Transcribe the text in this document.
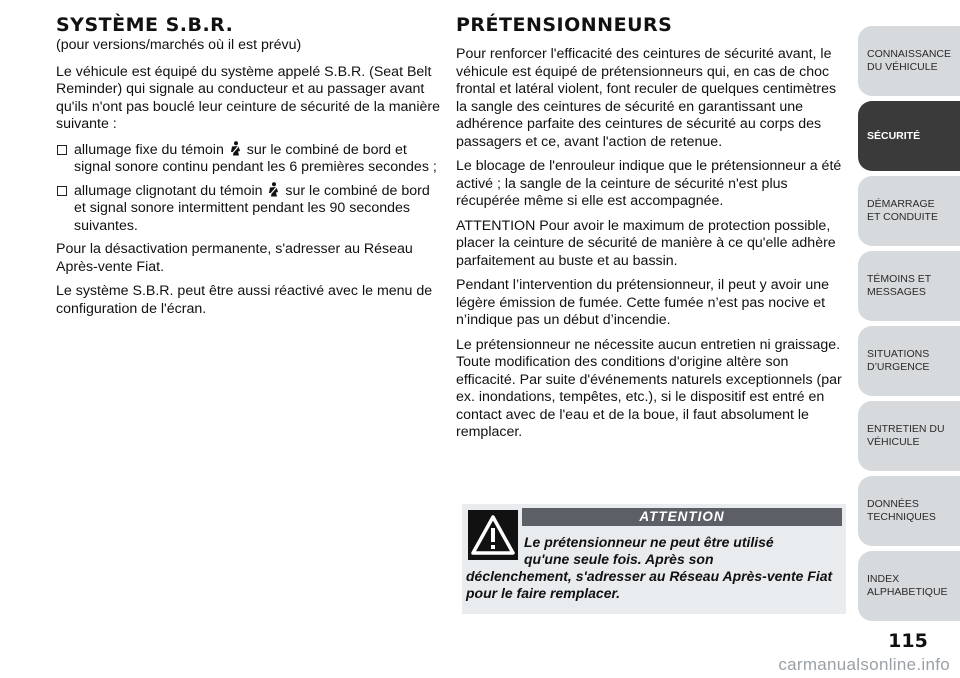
SYSTÈME S.B.R.

(pour versions/marchés où il est prévu)

Le véhicule est équipé du système appelé S.B.R. (Seat Belt Reminder) qui signale au conducteur et au passager avant qu'ils n'ont pas bouclé leur ceinture de sécurité de la manière suivante :

allumage fixe du témoin sur le combiné de bord et signal sonore continu pendant les 6 premières secondes ;
allumage clignotant du témoin sur le combiné de bord et signal sonore intermittent pendant les 90 secondes suivantes.

Pour la désactivation permanente, s'adresser au Réseau Après-vente Fiat.

Le système S.B.R. peut être aussi réactivé avec le menu de configuration de l'écran.

PRÉTENSIONNEURS

Pour renforcer l'efficacité des ceintures de sécurité avant, le véhicule est équipé de prétensionneurs qui, en cas de choc frontal et latéral violent, font reculer de quelques centimètres la sangle des ceintures de sécurité en garantissant une adhérence parfaite des ceintures de sécurité au corps des passagers et ce, avant l'action de retenue.

Le blocage de l'enrouleur indique que le prétensionneur a été activé ; la sangle de la ceinture de sécurité n'est plus récupérée même si elle est accompagnée.

ATTENTION Pour avoir le maximum de protection possible, placer la ceinture de sécurité de manière à ce qu'elle adhère parfaitement au buste et au bassin.

Pendant l’intervention du prétensionneur, il peut y avoir une légère émission de fumée. Cette fumée n’est pas nocive et n’indique pas un début d’incendie.

Le prétensionneur ne nécessite aucun entretien ni graissage. Toute modification des conditions d'origine altère son efficacité. Par suite d'événements naturels exceptionnels (par ex. inondations, tempêtes, etc.), si le dispositif est entré en contact avec de l'eau et de la boue, il faut absolument le remplacer.

ATTENTION
Le prétensionneur ne peut être utilisé
qu'une seule fois. Après son
déclenchement, s'adresser au Réseau Après-vente Fiat pour le faire remplacer.
CONNAISSANCE DU VÉHICULE
SÉCURITÉ
DÉMARRAGE ET CONDUITE
TÉMOINS ET MESSAGES
SITUATIONS D’URGENCE
ENTRETIEN DU VÉHICULE
DONNÉES TECHNIQUES
INDEX ALPHABETIQUE
115
carmanualsonline.info
